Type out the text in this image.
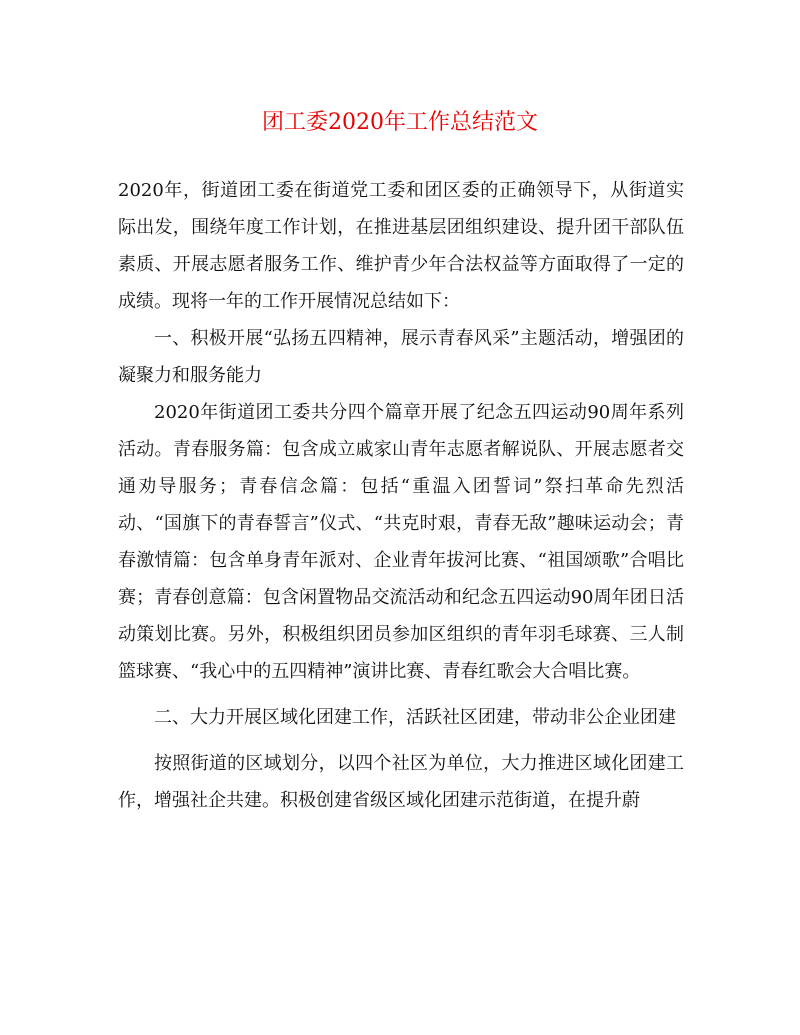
团工委2020年工作总结范文

2020年，街道团工委在街道党工委和团区委的正确领导下，从街道实际出发，围绕年度工作计划，在推进基层团组织建设、提升团干部队伍素质、开展志愿者服务工作、维护青少年合法权益等方面取得了一定的成绩。现将一年的工作开展情况总结如下：

一、积极开展“弘扬五四精神，展示青春风采”主题活动，增强团的凝聚力和服务能力

2020年街道团工委共分四个篇章开展了纪念五四运动90周年系列活动。青春服务篇：包含成立戚家山青年志愿者解说队、开展志愿者交通劝导服务；青春信念篇：包括“重温入团誓词”祭扫革命先烈活动、“国旗下的青春誓言”仪式、“共克时艰，青春无敌”趣味运动会；青春激情篇：包含单身青年派对、企业青年拔河比赛、“祖国颂歌”合唱比赛；青春创意篇：包含闲置物品交流活动和纪念五四运动90周年团日活动策划比赛。另外，积极组织团员参加区组织的青年羽毛球赛、三人制篮球赛、“我心中的五四精神”演讲比赛、青春红歌会大合唱比赛。

二、大力开展区域化团建工作，活跃社区团建，带动非公企业团建

按照街道的区域划分，以四个社区为单位，大力推进区域化团建工作，增强社企共建。积极创建省级区域化团建示范街道，在提升蔚
